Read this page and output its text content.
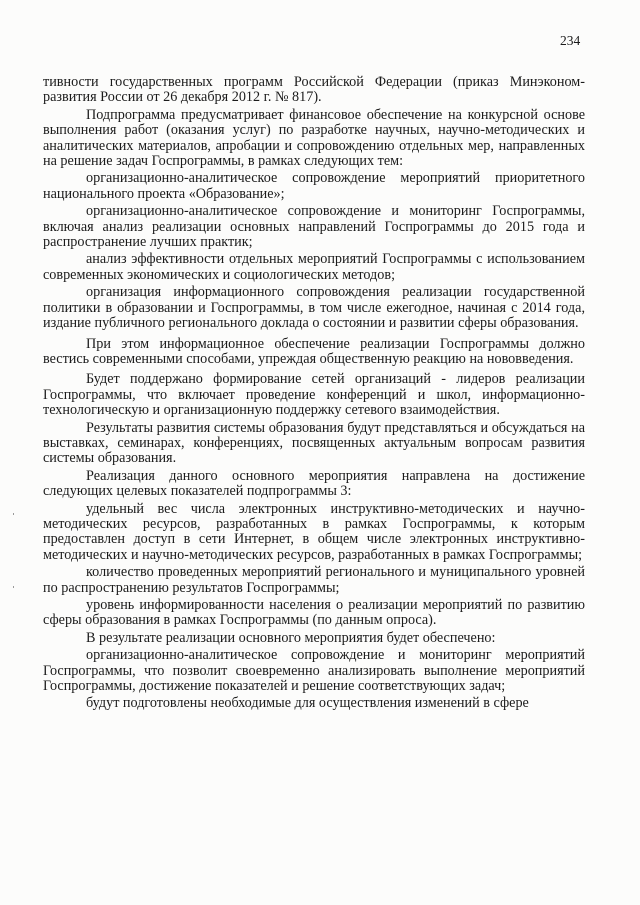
234

тивности государственных программ Российской Федерации (приказ Минэконом-развития России от 26 декабря 2012 г. № 817).

Подпрограмма предусматривает финансовое обеспечение на конкурсной основе выполнения работ (оказания услуг) по разработке научных, научно-методических и аналитических материалов, апробации и сопровождению отдельных мер, направленных на решение задач Госпрограммы, в рамках следующих тем:

организационно-аналитическое сопровождение мероприятий приоритетного национального проекта «Образование»;

организационно-аналитическое сопровождение и мониторинг Госпрограммы, включая анализ реализации основных направлений Госпрограммы до 2015 года и распространение лучших практик;

анализ эффективности отдельных мероприятий Госпрограммы с использованием современных экономических и социологических методов;

организация информационного сопровождения реализации государственной политики в образовании и Госпрограммы, в том числе ежегодное, начиная с 2014 года, издание публичного регионального доклада о состоянии и развитии сферы образования.

При этом информационное обеспечение реализации Госпрограммы должно вестись современными способами, упреждая общественную реакцию на нововведения.

Будет поддержано формирование сетей организаций - лидеров реализации Госпрограммы, что включает проведение конференций и школ, информационно-технологическую и организационную поддержку сетевого взаимодействия.

Результаты развития системы образования будут представляться и обсуждаться на выставках, семинарах, конференциях, посвященных актуальным вопросам развития системы образования.

Реализация данного основного мероприятия направлена на достижение следующих целевых показателей подпрограммы 3:

удельный вес числа электронных инструктивно-методических и научно-методических ресурсов, разработанных в рамках Госпрограммы, к которым предоставлен доступ в сети Интернет, в общем числе электронных инструктивно-методических и научно-методических ресурсов, разработанных в рамках Госпрограммы;

количество проведенных мероприятий регионального и муниципального уровней по распространению результатов Госпрограммы;

уровень информированности населения о реализации мероприятий по развитию сферы образования в рамках Госпрограммы (по данным опроса).

В результате реализации основного мероприятия будет обеспечено:

организационно-аналитическое сопровождение и мониторинг мероприятий Госпрограммы, что позволит своевременно анализировать выполнение мероприятий Госпрограммы, достижение показателей и решение соответствующих задач;

будут подготовлены необходимые для осуществления изменений в сфере
